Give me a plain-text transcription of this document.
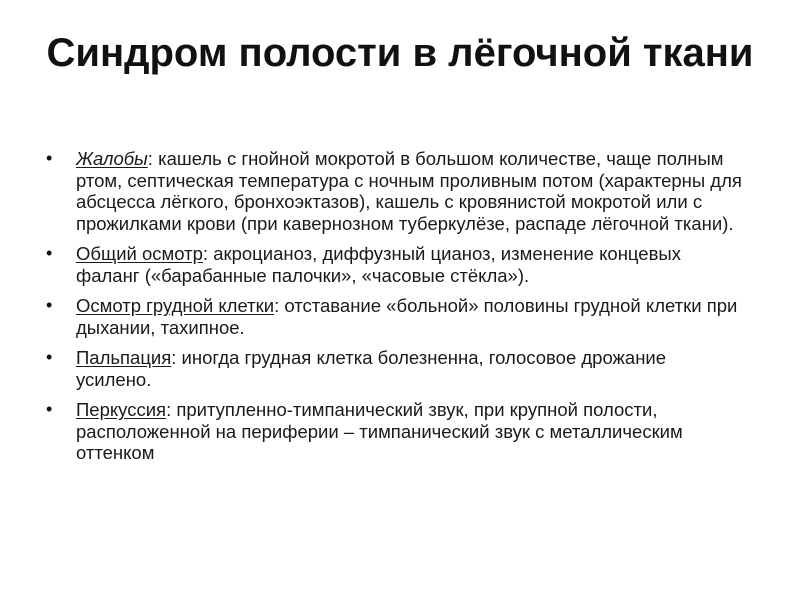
Синдром полости в лёгочной ткани
• Жалобы: кашель с гнойной мокротой в большом количестве, чаще полным ртом, септическая температура с ночным проливным потом (характерны для абсцесса лёгкого, бронхоэктазов), кашель с кровянистой мокротой или с прожилками крови (при кавернозном туберкулёзе, распаде лёгочной ткани).
• Общий осмотр: акроцианоз, диффузный цианоз, изменение концевых фаланг («барабанные палочки», «часовые стёкла»).
• Осмотр грудной клетки: отставание «больной» половины грудной клетки при дыхании, тахипное.
• Пальпация: иногда грудная клетка болезненна, голосовое дрожание усилено.
• Перкуссия: притупленно-тимпанический звук, при крупной полости, расположенной на периферии – тимпанический звук с металлическим оттенком
